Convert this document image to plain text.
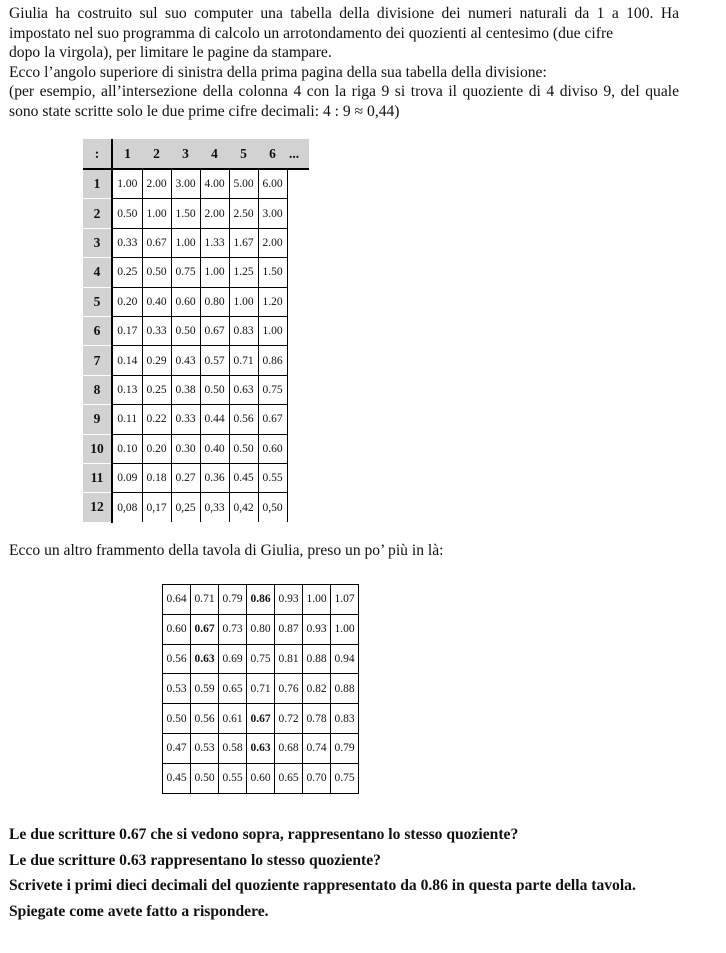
Giulia ha costruito sul suo computer una tabella della divisione dei numeri naturali da 1 a 100. Ha impostato nel suo programma di calcolo un arrotondamento dei quozienti al centesimo (due cifre
dopo la virgola), per limitare le pagine da stampare.
Ecco l’angolo superiore di sinistra della prima pagina della sua tabella della divisione:
(per esempio, all’intersezione della colonna 4 con la riga 9 si trova il quoziente di 4 diviso 9, del quale sono state scritte solo le due prime cifre decimali: 4 : 9 ≈ 0,44)

:	1	2	3	4	5	6	...
1	1.00	2.00	3.00	4.00	5.00	6.00	
2	0.50	1.00	1.50	2.00	2.50	3.00	
3	0.33	0.67	1.00	1.33	1.67	2.00	
4	0.25	0.50	0.75	1.00	1.25	1.50	
5	0.20	0.40	0.60	0.80	1.00	1.20	
6	0.17	0.33	0.50	0.67	0.83	1.00	
7	0.14	0.29	0.43	0.57	0.71	0.86	
8	0.13	0.25	0.38	0.50	0.63	0.75	
9	0.11	0.22	0.33	0.44	0.56	0.67	
10	0.10	0.20	0.30	0.40	0.50	0.60	
11	0.09	0.18	0.27	0.36	0.45	0.55	
12	0,08	0,17	0,25	0,33	0,42	0,50	
Ecco un altro frammento della tavola di Giulia, preso un po’ più in là:
0.64	0.71	0.79	0.86	0.93	1.00	1.07
0.60	0.67	0.73	0.80	0.87	0.93	1.00
0.56	0.63	0.69	0.75	0.81	0.88	0.94
0.53	0.59	0.65	0.71	0.76	0.82	0.88
0.50	0.56	0.61	0.67	0.72	0.78	0.83
0.47	0.53	0.58	0.63	0.68	0.74	0.79
0.45	0.50	0.55	0.60	0.65	0.70	0.75

Le due scritture 0.67 che si vedono sopra, rappresentano lo stesso quoziente?

Le due scritture 0.63 rappresentano lo stesso quoziente?

Scrivete i primi dieci decimali del quoziente rappresentato da 0.86 in questa parte della tavola.

Spiegate come avete fatto a rispondere.
